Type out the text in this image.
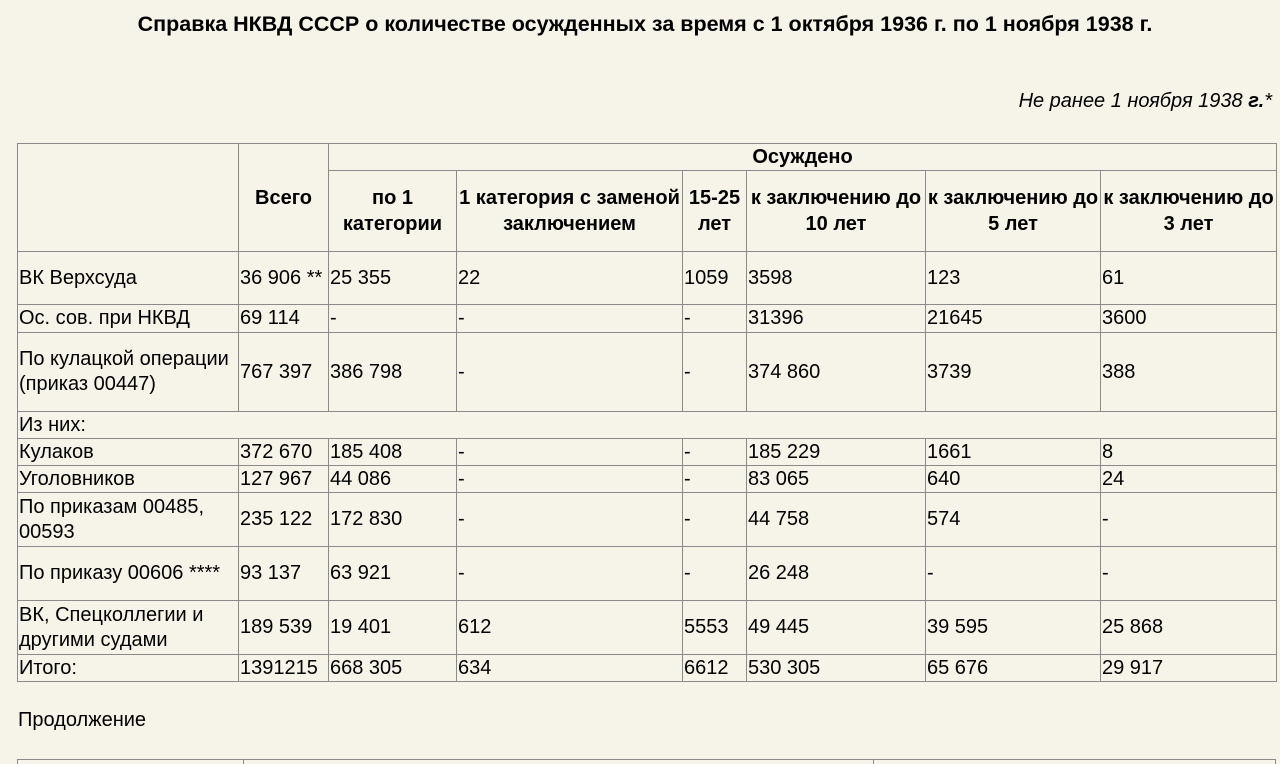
Справка НКВД СССР о количестве осужденных за время с 1 октября 1936 г. по 1 ноября 1938 г.
Не ранее 1 ноября 1938 г.*
	Всего	Осуждено					
		по 1 категории	1 категория с заменой заключением	15-25 лет	к заключению до 10 лет	к заключению до 5 лет	к заключению до 3 лет
ВК Верхсуда	36 906 **	25 355	22	1059	3598	123	61
Ос. сов. при НКВД	69 114	-	-	-	31396	21645	3600
По кулацкой операции (приказ 00447)	767 397	386 798	-	-	374 860	3739	388
Из них:							
Кулаков	372 670	185 408	-	-	185 229	1661	8
Уголовников	127 967	44 086	-	-	83 065	640	24
По приказам 00485, 00593	235 122	172 830	-	-	44 758	574	-
По приказу 00606 ****	93 137	63 921	-	-	26 248	-	-
ВК, Спецколлегии и другими судами	189 539	19 401	612	5553	49 445	39 595	25 868
Итого:	1391215	668 305	634	6612	530 305	65 676	29 917
Продолжение
